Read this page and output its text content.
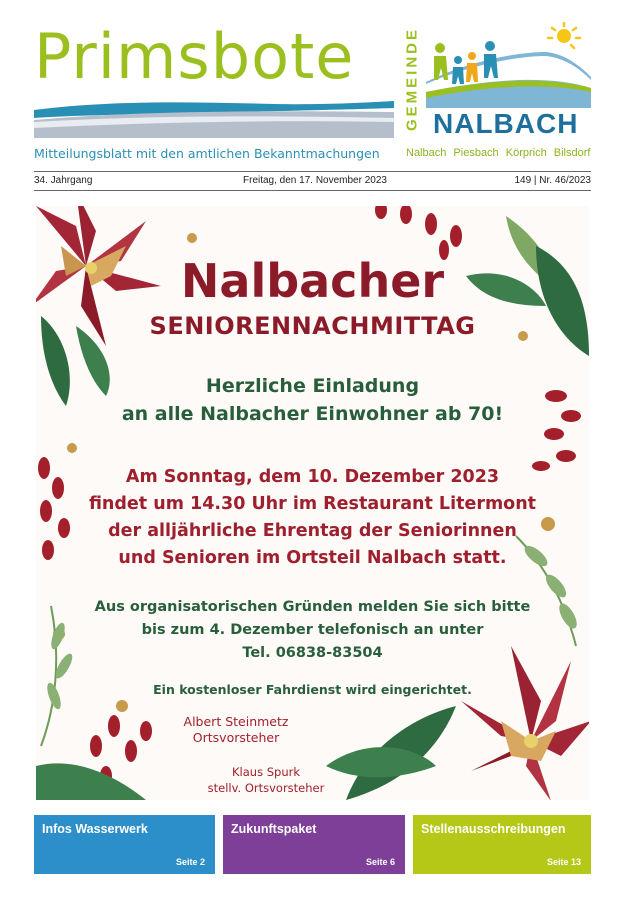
Primsbote
Mitteilungsblatt mit den amtlichen Bekanntmachungen
GEMEINDE NALBACH
Nalbach Piesbach Körprich Bilsdorf
34. Jahrgang	Freitag, den 17. November 2023	149 | Nr. 46/2023
Nalbacher
SENIORENNACHMITTAG
Herzliche Einladung
an alle Nalbacher Einwohner ab 70!
Am Sonntag, dem 10. Dezember 2023
findet um 14.30 Uhr im Restaurant Litermont
der alljährliche Ehrentag der Seniorinnen
und Senioren im Ortsteil Nalbach statt.
Aus organisatorischen Gründen melden Sie sich bitte
bis zum 4. Dezember telefonisch an unter
Tel. 06838-83504
Ein kostenloser Fahrdienst wird eingerichtet.
Albert Steinmetz
Ortsvorsteher
Klaus Spurk
stellv. Ortsvorsteher
Infos Wasserwerk
Seite 2
Zukunftspaket
Seite 6
Stellenausschreibungen
Seite 13
